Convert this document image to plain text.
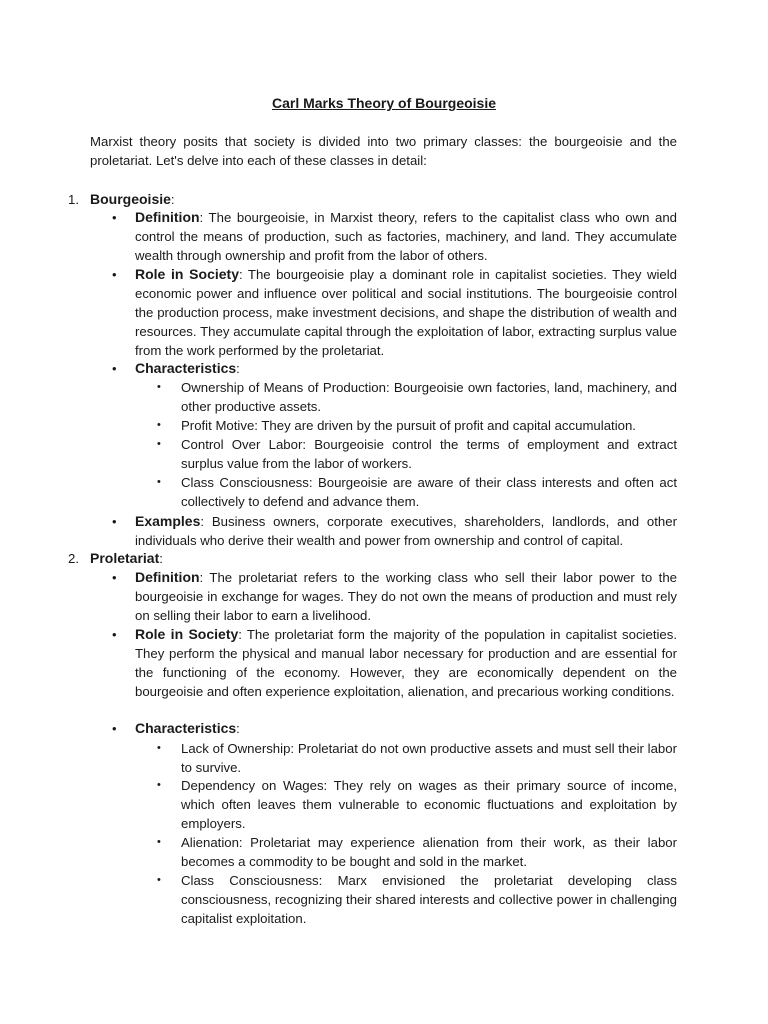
Carl Marks Theory of Bourgeoisie
Marxist theory posits that society is divided into two primary classes: the bourgeoisie and the proletariat. Let's delve into each of these classes in detail:
1. Bourgeoisie:
• Definition: The bourgeoisie, in Marxist theory, refers to the capitalist class who own and control the means of production, such as factories, machinery, and land. They accumulate wealth through ownership and profit from the labor of others.
• Role in Society: The bourgeoisie play a dominant role in capitalist societies. They wield economic power and influence over political and social institutions. The bourgeoisie control the production process, make investment decisions, and shape the distribution of wealth and resources. They accumulate capital through the exploitation of labor, extracting surplus value from the work performed by the proletariat.
• Characteristics:
• Ownership of Means of Production: Bourgeoisie own factories, land, machinery, and other productive assets.
• Profit Motive: They are driven by the pursuit of profit and capital accumulation.
• Control Over Labor: Bourgeoisie control the terms of employment and extract surplus value from the labor of workers.
• Class Consciousness: Bourgeoisie are aware of their class interests and often act collectively to defend and advance them.
• Examples: Business owners, corporate executives, shareholders, landlords, and other individuals who derive their wealth and power from ownership and control of capital.
2. Proletariat:
• Definition: The proletariat refers to the working class who sell their labor power to the bourgeoisie in exchange for wages. They do not own the means of production and must rely on selling their labor to earn a livelihood.
• Role in Society: The proletariat form the majority of the population in capitalist societies. They perform the physical and manual labor necessary for production and are essential for the functioning of the economy. However, they are economically dependent on the bourgeoisie and often experience exploitation, alienation, and precarious working conditions.
• Characteristics:
• Lack of Ownership: Proletariat do not own productive assets and must sell their labor to survive.
• Dependency on Wages: They rely on wages as their primary source of income, which often leaves them vulnerable to economic fluctuations and exploitation by employers.
• Alienation: Proletariat may experience alienation from their work, as their labor becomes a commodity to be bought and sold in the market.
• Class Consciousness: Marx envisioned the proletariat developing class consciousness, recognizing their shared interests and collective power in challenging capitalist exploitation.
